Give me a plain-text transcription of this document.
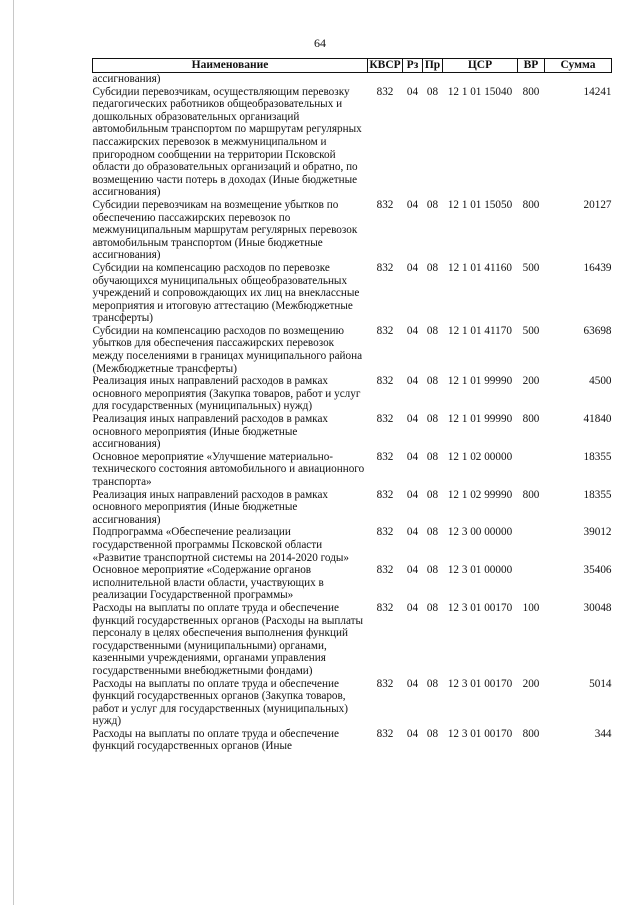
64
Наименование	КВСР	Рз	Пр	ЦСР	ВР	Сумма
ассигнования)						
Субсидии перевозчикам, осуществляющим перевозку педагогических работников общеобразовательных и дошкольных образовательных организаций автомобильным транспортом по маршрутам регулярных пассажирских перевозок в межмуниципальном и пригородном сообщении на территории Псковской области до образовательных организаций и обратно, по возмещению части потерь в доходах (Иные бюджетные ассигнования)	832	04	08	12 1 01 15040	800	14241
Субсидии перевозчикам на возмещение убытков по обеспечению пассажирских перевозок по межмуниципальным маршрутам регулярных перевозок автомобильным транспортом (Иные бюджетные ассигнования)	832	04	08	12 1 01 15050	800	20127
Субсидии на компенсацию расходов по перевозке обучающихся муниципальных общеобразовательных учреждений и сопровождающих их лиц на внеклассные мероприятия и итоговую аттестацию (Межбюджетные трансферты)	832	04	08	12 1 01 41160	500	16439
Субсидии на компенсацию расходов по возмещению убытков для обеспечения пассажирских перевозок между поселениями в границах муниципального района (Межбюджетные трансферты)	832	04	08	12 1 01 41170	500	63698
Реализация иных направлений расходов в рамках основного мероприятия (Закупка товаров, работ и услуг для государственных (муниципальных) нужд)	832	04	08	12 1 01 99990	200	4500
Реализация иных направлений расходов в рамках основного мероприятия (Иные бюджетные ассигнования)	832	04	08	12 1 01 99990	800	41840
Основное мероприятие «Улучшение материально-технического состояния автомобильного и авиационного транспорта»	832	04	08	12 1 02 00000		18355
Реализация иных направлений расходов в рамках основного мероприятия (Иные бюджетные ассигнования)	832	04	08	12 1 02 99990	800	18355
Подпрограмма «Обеспечение реализации государственной программы Псковской области «Развитие транспортной системы на 2014-2020 годы»	832	04	08	12 3 00 00000		39012
Основное мероприятие «Содержание органов исполнительной власти области, участвующих в реализации Государственной программы»	832	04	08	12 3 01 00000		35406
Расходы на выплаты по оплате труда и обеспечение функций государственных органов (Расходы на выплаты персоналу в целях обеспечения выполнения функций государственными (муниципальными) органами, казенными учреждениями, органами управления государственными внебюджетными фондами)	832	04	08	12 3 01 00170	100	30048
Расходы на выплаты по оплате труда и обеспечение функций государственных органов (Закупка товаров, работ и услуг для государственных (муниципальных) нужд)	832	04	08	12 3 01 00170	200	5014
Расходы на выплаты по оплате труда и обеспечение функций государственных органов (Иные	832	04	08	12 3 01 00170	800	344
